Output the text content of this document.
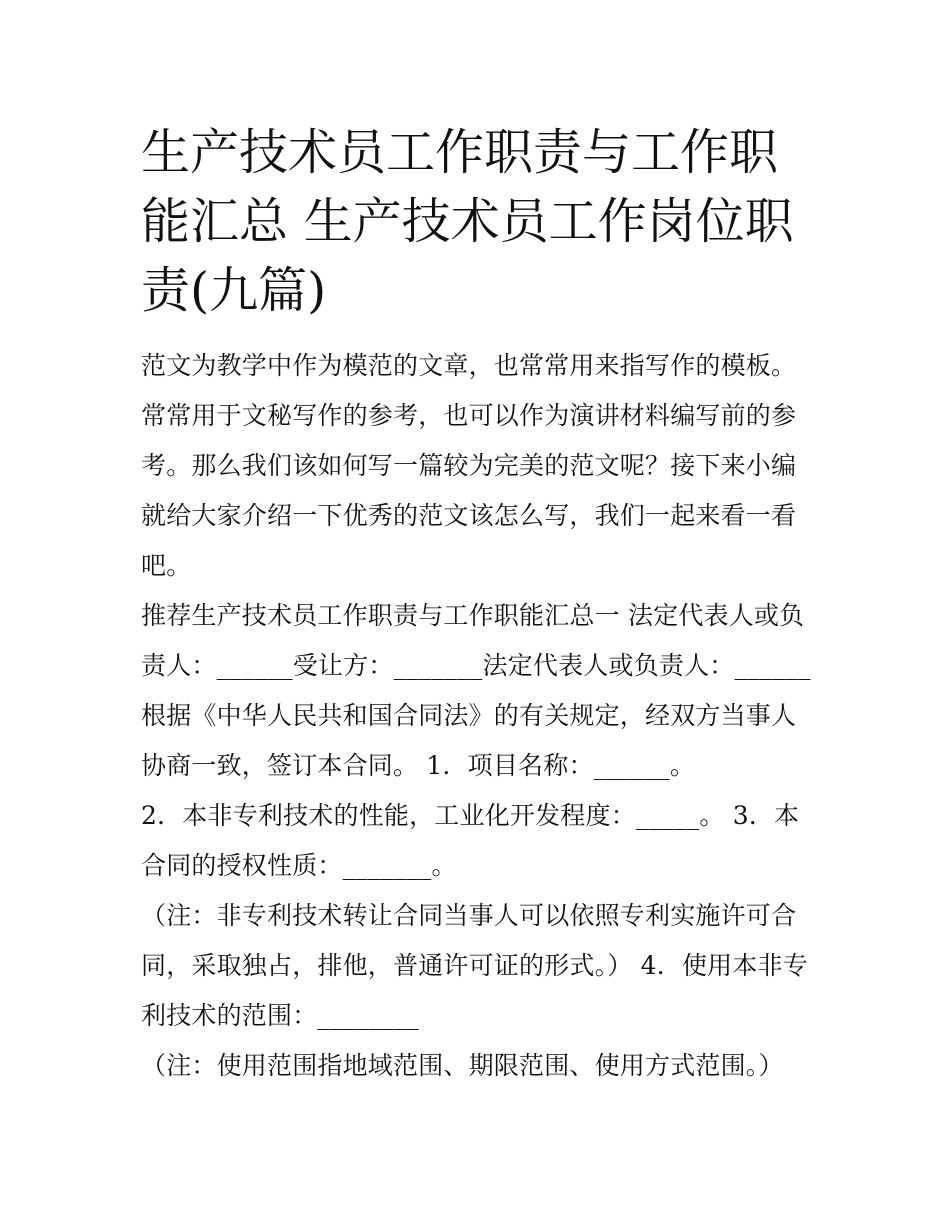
生产技术员工作职责与工作职能汇总 生产技术员工作岗位职责(九篇)

范文为教学中作为模范的文章，也常常用来指写作的模板。常常用于文秘写作的参考，也可以作为演讲材料编写前的参考。那么我们该如何写一篇较为完美的范文呢？接下来小编就给大家介绍一下优秀的范文该怎么写，我们一起来看一看吧。

推荐生产技术员工作职责与工作职能汇总一 法定代表人或负责人：______受让方：_______法定代表人或负责人：______

根据《中华人民共和国合同法》的有关规定，经双方当事人协商一致，签订本合同。 1．项目名称：______。

2．本非专利技术的性能，工业化开发程度：_____。 3．本合同的授权性质：_______。

（注：非专利技术转让合同当事人可以依照专利实施许可合同，采取独占，排他，普通许可证的形式。） 4．使用本非专利技术的范围：________

（注：使用范围指地域范围、期限范围、使用方式范围。）
